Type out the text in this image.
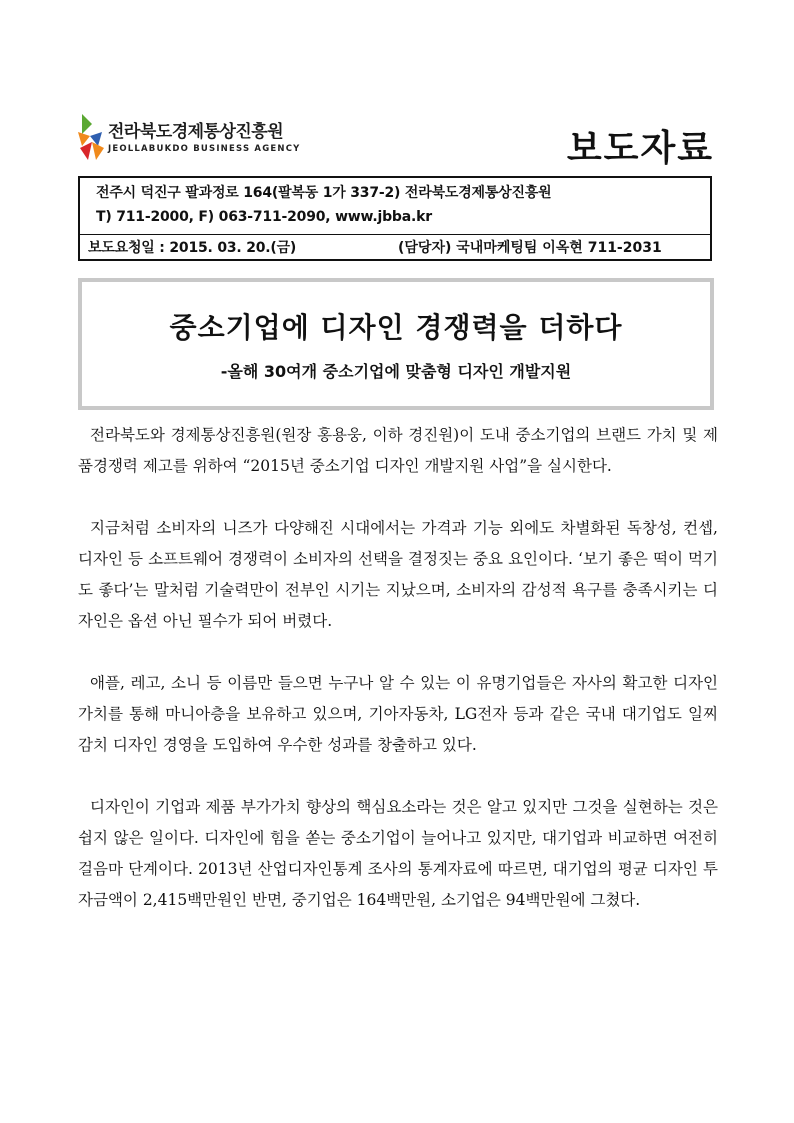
전라북도경제통상진흥원
JEOLLABUKDO BUSINESS AGENCY	보도자료
전주시 덕진구 팔과정로 164(팔복동 1가 337-2) 전라북도경제통상진흥원
T) 711-2000, F) 063-711-2090, www.jbba.kr
보도요청일 : 2015. 03. 20.(금)	(담당자) 국내마케팅팀 이옥현 711-2031
중소기업에 디자인 경쟁력을 더하다
-올해 30여개 중소기업에 맞춤형 디자인 개발지원

전라북도와 경제통상진흥원(원장 홍용웅, 이하 경진원)이 도내 중소기업의 브랜드 가치 및 제품경쟁력 제고를 위하여 “2015년 중소기업 디자인 개발지원 사업”을 실시한다.

지금처럼 소비자의 니즈가 다양해진 시대에서는 가격과 기능 외에도 차별화된 독창성, 컨셉, 디자인 등 소프트웨어 경쟁력이 소비자의 선택을 결정짓는 중요 요인이다. ‘보기 좋은 떡이 먹기도 좋다’는 말처럼 기술력만이 전부인 시기는 지났으며, 소비자의 감성적 욕구를 충족시키는 디자인은 옵션 아닌 필수가 되어 버렸다.

애플, 레고, 소니 등 이름만 들으면 누구나 알 수 있는 이 유명기업들은 자사의 확고한 디자인 가치를 통해 마니아층을 보유하고 있으며, 기아자동차, LG전자 등과 같은 국내 대기업도 일찌감치 디자인 경영을 도입하여 우수한 성과를 창출하고 있다.

디자인이 기업과 제품 부가가치 향상의 핵심요소라는 것은 알고 있지만 그것을 실현하는 것은 쉽지 않은 일이다. 디자인에 힘을 쏟는 중소기업이 늘어나고 있지만, 대기업과 비교하면 여전히 걸음마 단계이다. 2013년 산업디자인통계 조사의 통계자료에 따르면, 대기업의 평균 디자인 투자금액이 2,415백만원인 반면, 중기업은 164백만원, 소기업은 94백만원에 그쳤다.
